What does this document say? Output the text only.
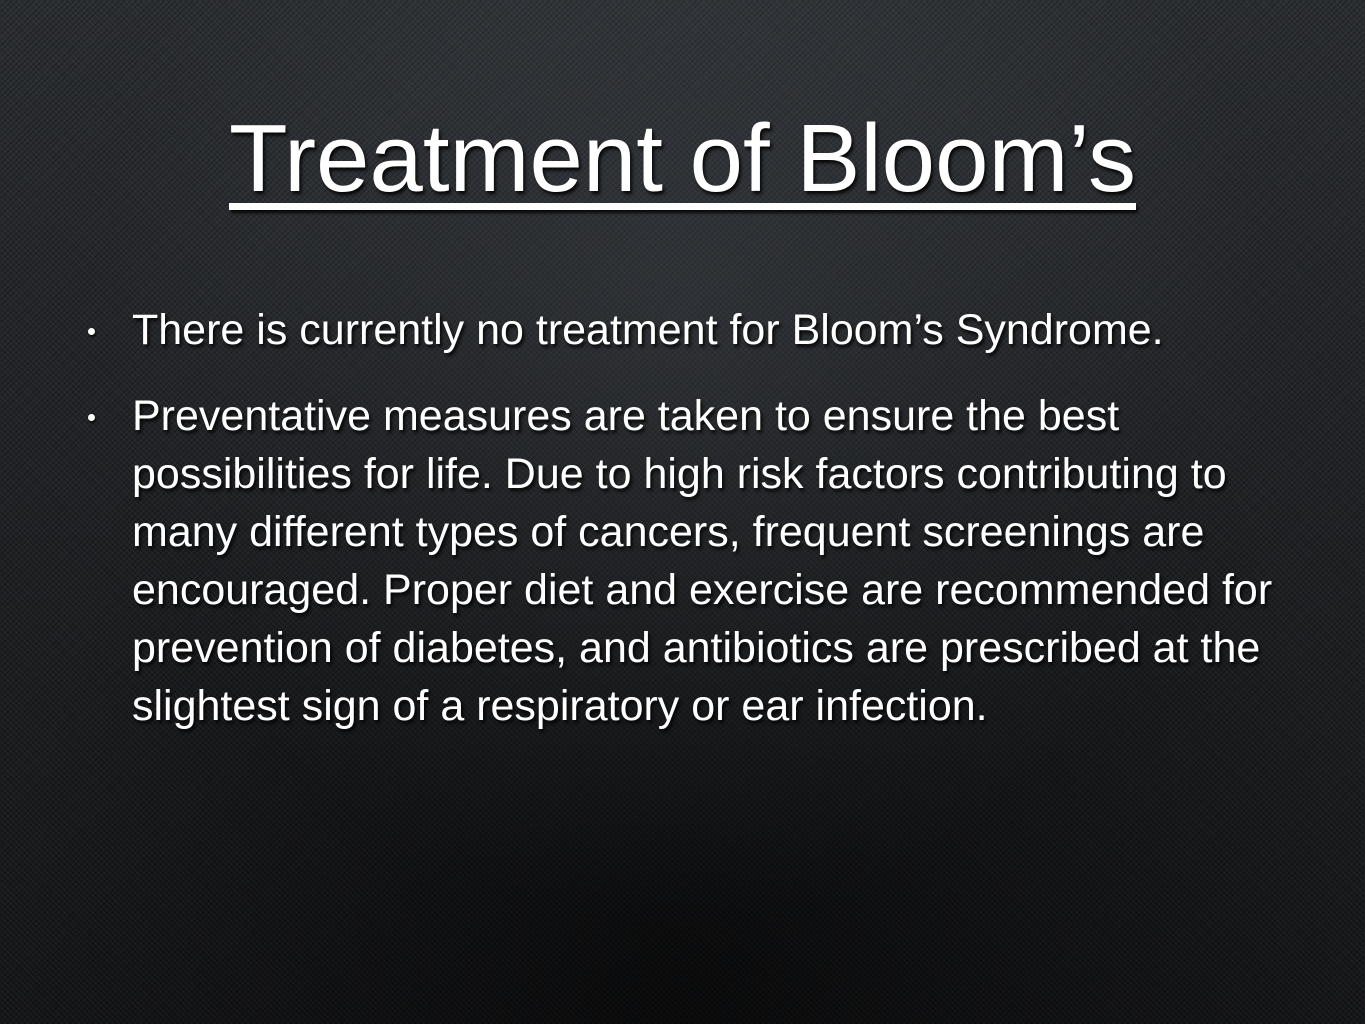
Treatment of Bloom’s
There is currently no treatment for Bloom’s Syndrome.
Preventative measures are taken to ensure the best possibilities for life. Due to high risk factors contributing to many different types of cancers, frequent screenings are encouraged. Proper diet and exercise are recommended for prevention of diabetes, and antibiotics are prescribed at the slightest sign of a respiratory or ear infection.
